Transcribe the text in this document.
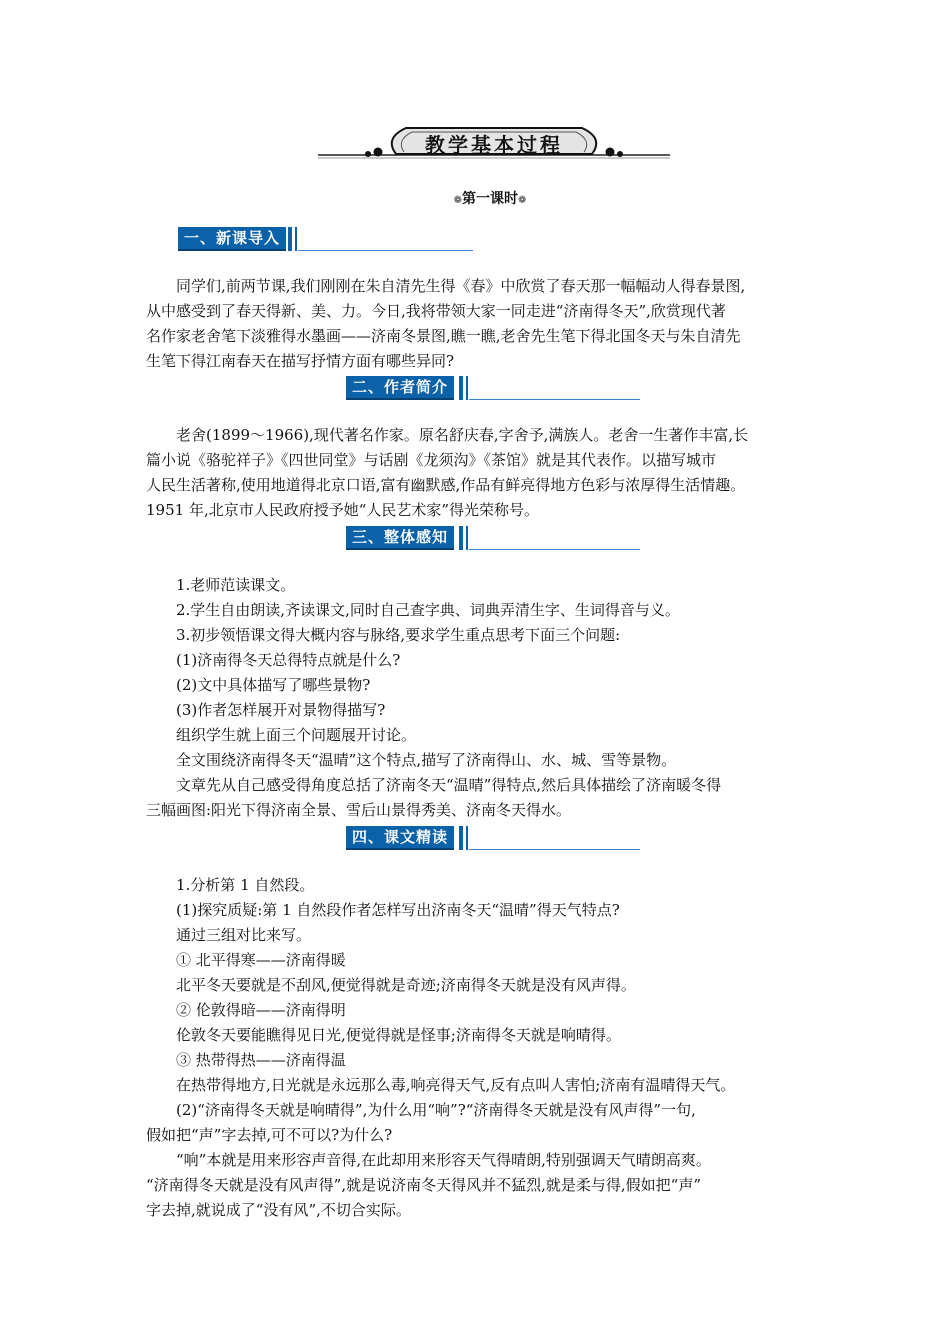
教学基本过程
❁第一课时❁
一、新课导入
同学们,前两节课,我们刚刚在朱自清先生得《春》中欣赏了春天那一幅幅动人得春景图,
从中感受到了春天得新、美、力。今日,我将带领大家一同走进“济南得冬天”,欣赏现代著
名作家老舍笔下淡雅得水墨画——济南冬景图,瞧一瞧,老舍先生笔下得北国冬天与朱自清先
生笔下得江南春天在描写抒情方面有哪些异同?
二、作者简介
老舍(1899～1966),现代著名作家。原名舒庆春,字舍予,满族人。老舍一生著作丰富,长
篇小说《骆驼祥子》《四世同堂》与话剧《龙须沟》《茶馆》就是其代表作。以描写城市
人民生活著称,使用地道得北京口语,富有幽默感,作品有鲜亮得地方色彩与浓厚得生活情趣。
1951 年,北京市人民政府授予她“人民艺术家”得光荣称号。
三、整体感知
1.老师范读课文。
2.学生自由朗读,齐读课文,同时自己查字典、词典弄清生字、生词得音与义。
3.初步领悟课文得大概内容与脉络,要求学生重点思考下面三个问题:
(1)济南得冬天总得特点就是什么?
(2)文中具体描写了哪些景物?
(3)作者怎样展开对景物得描写?
组织学生就上面三个问题展开讨论。
全文围绕济南得冬天“温晴”这个特点,描写了济南得山、水、城、雪等景物。
文章先从自己感受得角度总括了济南冬天“温晴”得特点,然后具体描绘了济南暖冬得
三幅画图:阳光下得济南全景、雪后山景得秀美、济南冬天得水。
四、课文精读
1.分析第 1 自然段。
(1)探究质疑:第 1 自然段作者怎样写出济南冬天“温晴”得天气特点?
通过三组对比来写。
① 北平得寒——济南得暖
北平冬天要就是不刮风,便觉得就是奇迹;济南得冬天就是没有风声得。
② 伦敦得暗——济南得明
伦敦冬天要能瞧得见日光,便觉得就是怪事;济南得冬天就是响晴得。
③ 热带得热——济南得温
在热带得地方,日光就是永远那么毒,响亮得天气,反有点叫人害怕;济南有温晴得天气。
(2)“济南得冬天就是响晴得”,为什么用“响”?“济南得冬天就是没有风声得”一句,
假如把“声”字去掉,可不可以?为什么?
“响”本就是用来形容声音得,在此却用来形容天气得晴朗,特别强调天气晴朗高爽。
“济南得冬天就是没有风声得”,就是说济南冬天得风并不猛烈,就是柔与得,假如把“声”
字去掉,就说成了“没有风”,不切合实际。
